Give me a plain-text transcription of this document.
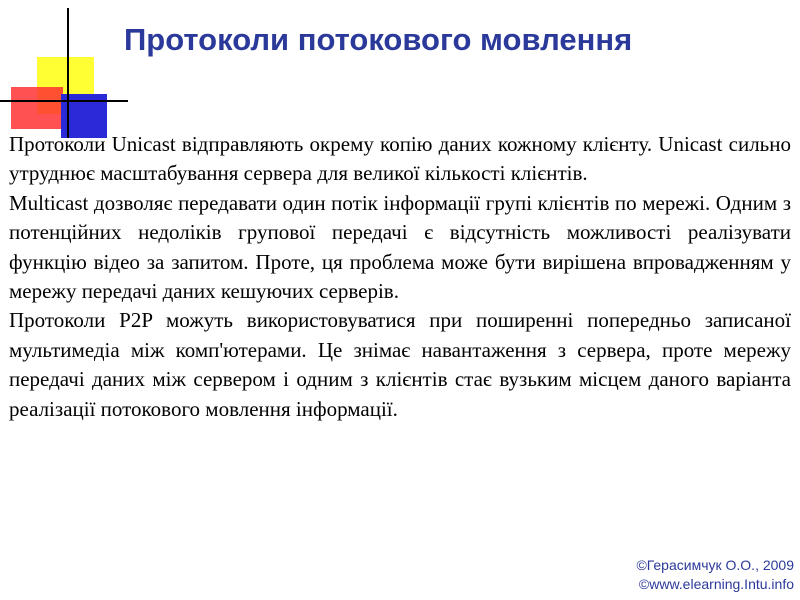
Протоколи потокового мовлення

Протоколи Unicast відправляють окрему копію даних кожному клієнту. Unicast сильно утруднює масштабування сервера для великої кількості клієнтів.

Multicast дозволяє передавати один потік інформації групі клієнтів по мережі. Одним з потенційних недоліків групової передачі є відсутність можливості реалізувати функцію відео за запитом. Проте, ця проблема може бути вирішена впровадженням у мережу передачі даних кешуючих серверів.

Протоколи P2P можуть використовуватися при поширенні попередньо записаної мультимедіа між комп'ютерами. Це знімає навантаження з сервера, проте мережу передачі даних між сервером і одним з клієнтів стає вузьким місцем даного варіанта реалізації потокового мовлення інформації.

©Герасимчук О.О., 2009
©www.elearning.Intu.info
